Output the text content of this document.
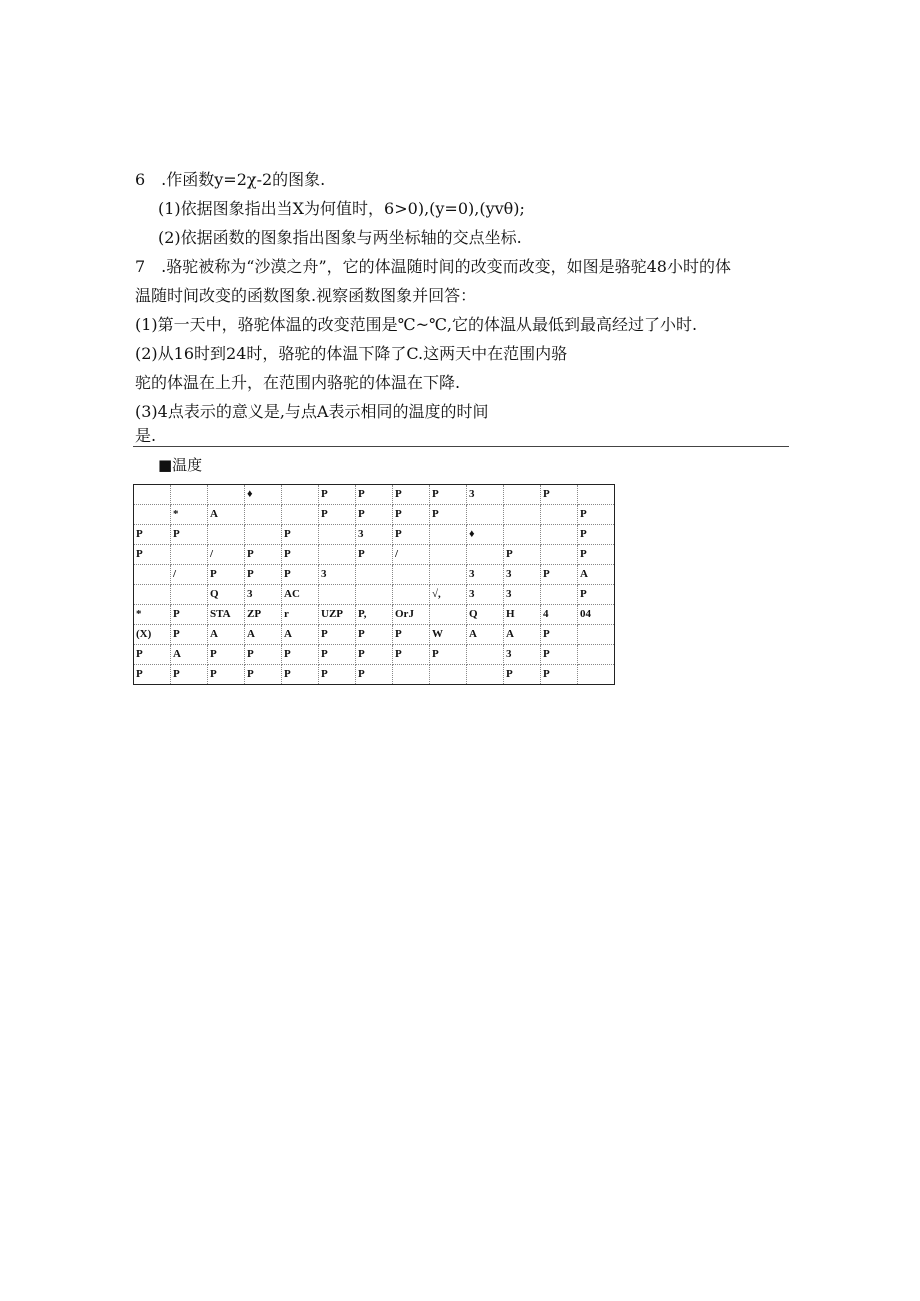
6　.作函数y=2χ-2的图象.
(1)依据图象指出当X为何值时，6>0),(y=0),(yvθ);
(2)依据函数的图象指出图象与两坐标轴的交点坐标.
7　.骆驼被称为“沙漠之舟”，它的体温随时间的改变而改变，如图是骆驼48小时的体
温随时间改变的函数图象.视察函数图象并回答：
(1)第一天中，骆驼体温的改变范围是℃~℃,它的体温从最低到最高经过了小时.
(2)从16时到24时，骆驼的体温下降了C.这两天中在范围内骆
驼的体温在上升，在范围内骆驼的体温在下降.
(3)4点表示的意义是,与点A表示相同的温度的时间
是.
■温度
			♦		P	P	P	P	3		P	
	*	A			P	P	P	P				P
P	P			P		3	P		♦			P
P		/	P	P		P	/			P		P
	/	P	P	P	3				3	3	P	A
		Q	3	AC				√,	3	3		P
*	P	STA	ZP	r	UZP	P,	OrJ		Q	H	4	04
(X)	P	A	A	A	P	P	P	W	A	A	P	
P	A	P	P	P	P	P	P	P		3	P	
P	P	P	P	P	P	P				P	P	
